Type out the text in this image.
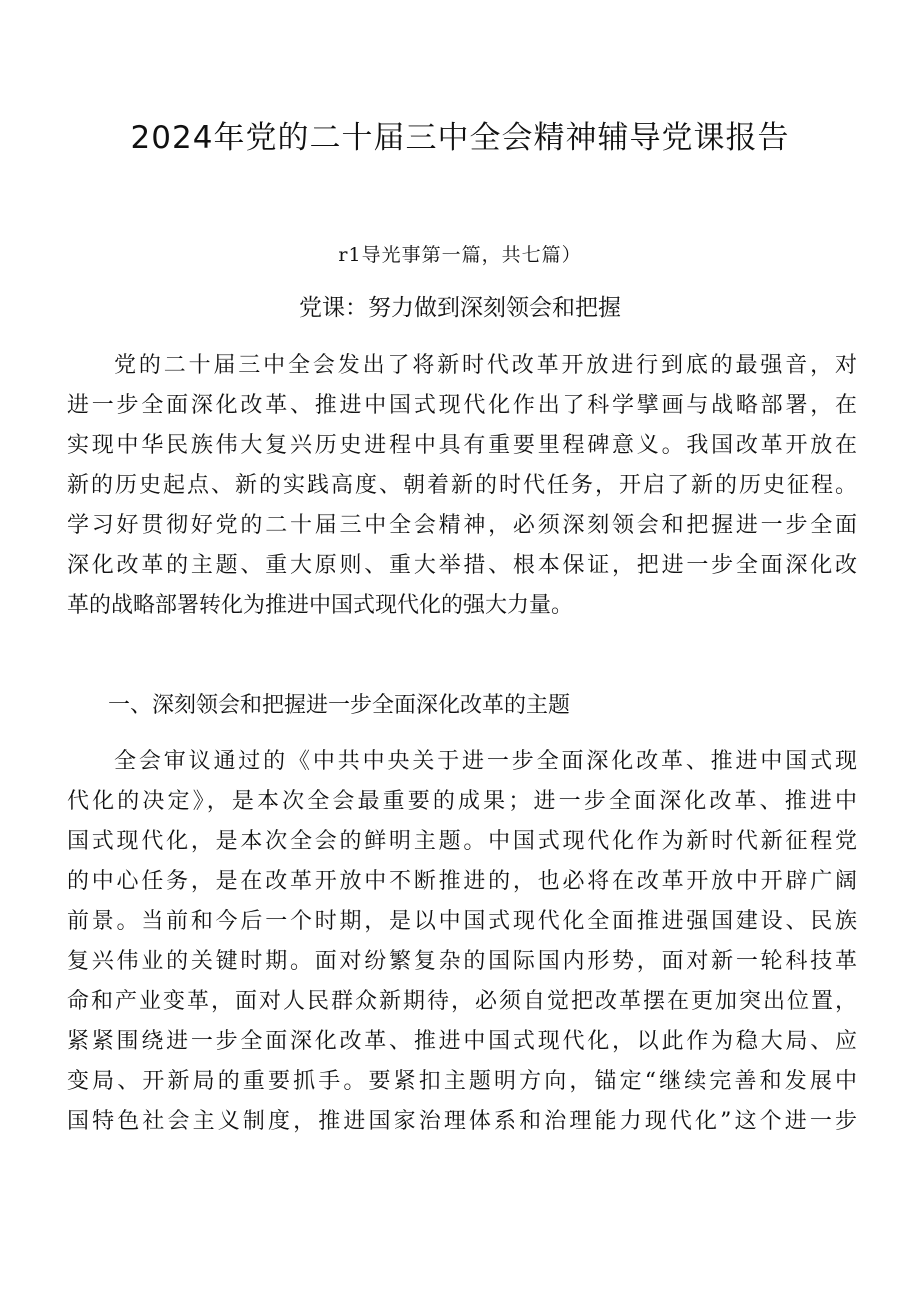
2024年党的二十届三中全会精神辅导党课报告
r1导光事第一篇，共七篇）
党课：努力做到深刻领会和把握
党的二十届三中全会发出了将新时代改革开放进行到底的最强音，对
进一步全面深化改革、推进中国式现代化作出了科学擘画与战略部署，在
实现中华民族伟大复兴历史进程中具有重要里程碑意义。我国改革开放在
新的历史起点、新的实践高度、朝着新的时代任务，开启了新的历史征程。
学习好贯彻好党的二十届三中全会精神，必须深刻领会和把握进一步全面
深化改革的主题、重大原则、重大举措、根本保证，把进一步全面深化改
革的战略部署转化为推进中国式现代化的强大力量。
一、深刻领会和把握进一步全面深化改革的主题
全会审议通过的《中共中央关于进一步全面深化改革、推进中国式现
代化的决定》，是本次全会最重要的成果；进一步全面深化改革、推进中
国式现代化，是本次全会的鲜明主题。中国式现代化作为新时代新征程党
的中心任务，是在改革开放中不断推进的，也必将在改革开放中开辟广阔
前景。当前和今后一个时期，是以中国式现代化全面推进强国建设、民族
复兴伟业的关键时期。面对纷繁复杂的国际国内形势，面对新一轮科技革
命和产业变革，面对人民群众新期待，必须自觉把改革摆在更加突出位置，
紧紧围绕进一步全面深化改革、推进中国式现代化，以此作为稳大局、应
变局、开新局的重要抓手。要紧扣主题明方向，锚定“继续完善和发展中
国特色社会主义制度，推进国家治理体系和治理能力现代化”这个进一步
